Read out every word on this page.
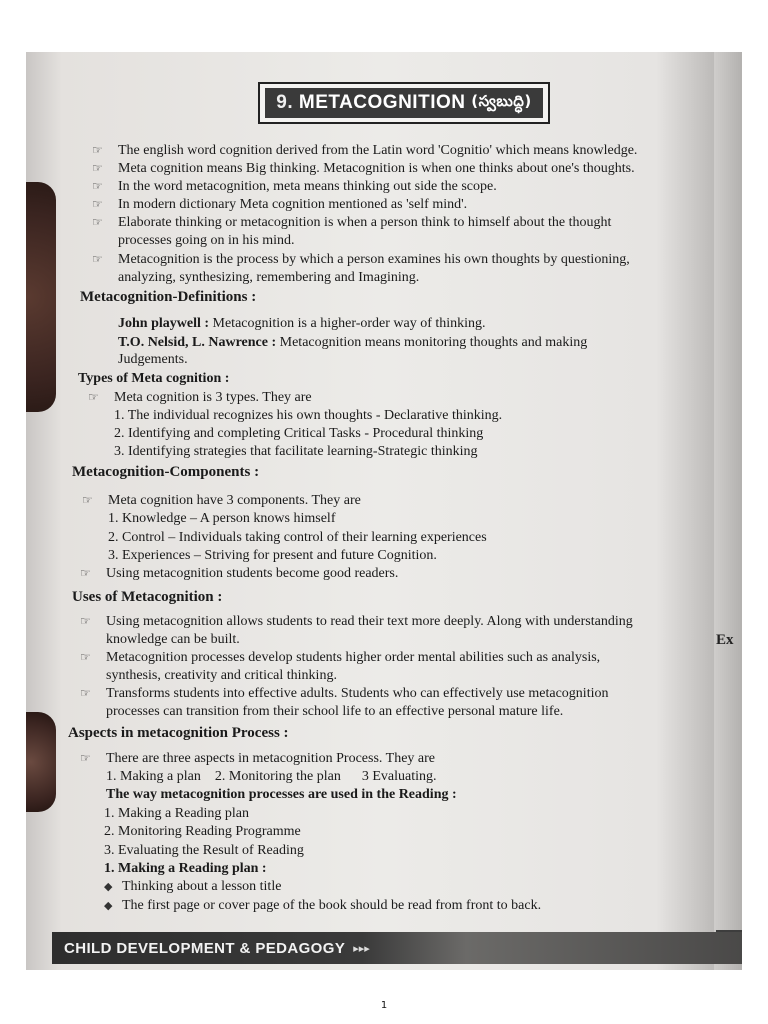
Ex
9.
METACOGNITION
(స్వబుద్ధి)
☞ The english word cognition derived from the Latin word 'Cognitio' which means knowledge.
☞ Meta cognition means Big thinking. Metacognition is when one thinks about one's thoughts.
☞ In the word metacognition, meta means thinking out side the scope.
☞ In modern dictionary Meta cognition mentioned as 'self mind'.
☞ Elaborate thinking or metacognition is when a person think to himself about the thought
processes going on in his mind.
☞ Metacognition is the process by which a person examines his own thoughts by questioning,
analyzing, synthesizing, remembering and Imagining.
Metacognition-Definitions :
John playwell : Metacognition is a higher-order way of thinking.
T.O. Nelsid, L. Nawrence : Metacognition means monitoring thoughts and making
Judgements.
Types of Meta cognition :
☞ Meta cognition is 3 types. They are
1. The individual recognizes his own thoughts - Declarative thinking.
2. Identifying and completing Critical Tasks - Procedural thinking
3. Identifying strategies that facilitate learning-Strategic thinking
Metacognition-Components :
☞ Meta cognition have 3 components. They are
1. Knowledge – A person knows himself
2. Control – Individuals taking control of their learning experiences
3. Experiences – Striving for present and future Cognition.
☞ Using metacognition students become good readers.
Uses of Metacognition :
☞ Using metacognition allows students to read their text more deeply. Along with understanding
knowledge can be built.
☞ Metacognition processes develop students higher order mental abilities such as analysis,
synthesis, creativity and critical thinking.
☞ Transforms students into effective adults. Students who can effectively use metacognition
processes can transition from their school life to an effective personal mature life.
Aspects in metacognition Process :
☞ There are three aspects in metacognition Process. They are
1. Making a plan 2. Monitoring the plan 3 Evaluating.
The way metacognition processes are used in the Reading :
1. Making a Reading plan
2. Monitoring Reading Programme
3. Evaluating the Result of Reading
1. Making a Reading plan :
◆ Thinking about a lesson title
◆ The first page or cover page of the book should be read from front to back.
CHILD DEVELOPMENT & PEDAGOGY ▸▸▸
1
